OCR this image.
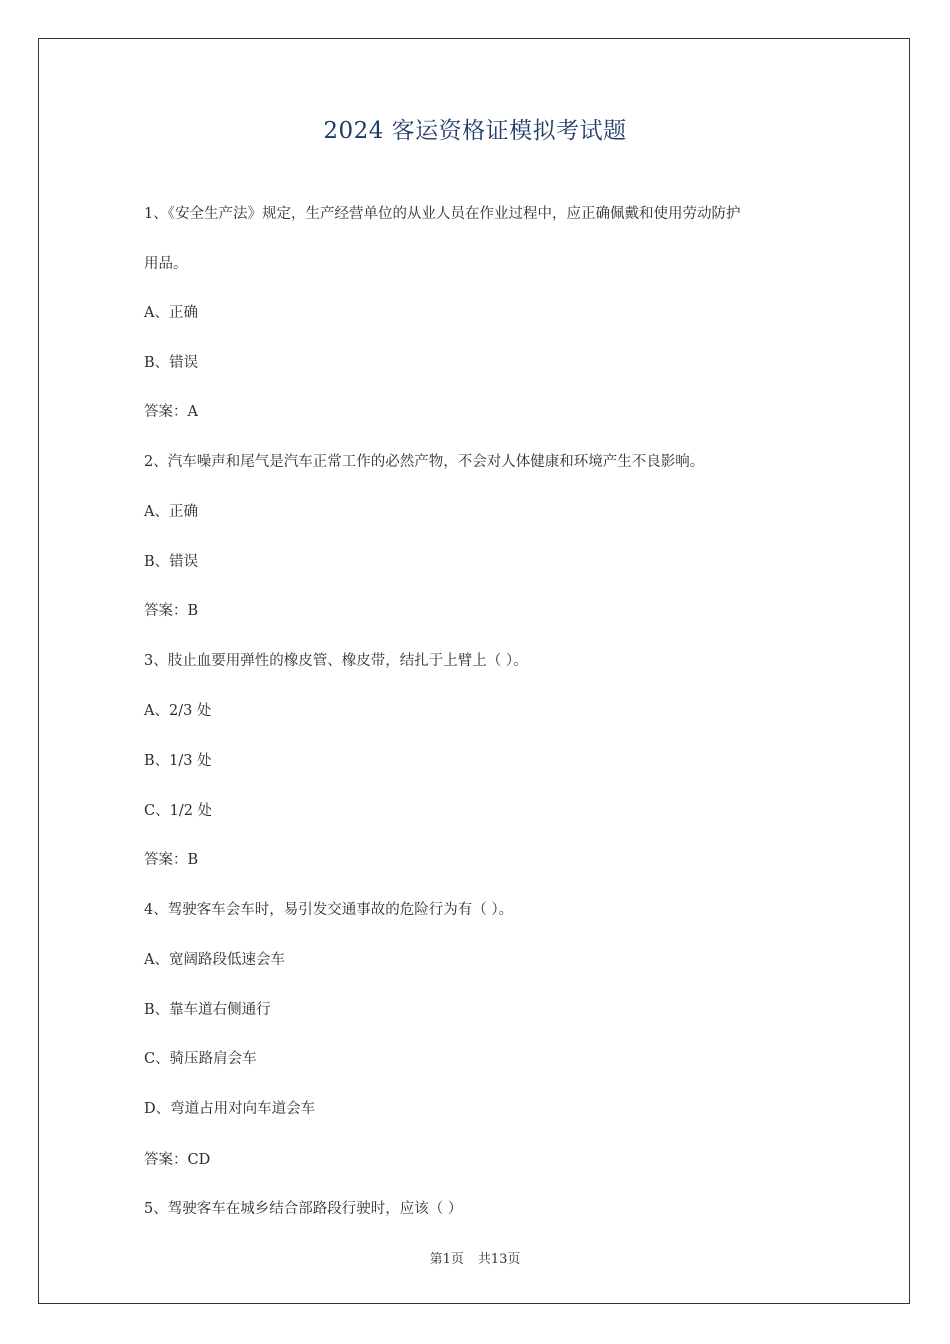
2024 客运资格证模拟考试题
1、《安全生产法》规定，生产经营单位的从业人员在作业过程中，应正确佩戴和使用劳动防护
用品。
A、正确
B、错误
答案：A
2、汽车噪声和尾气是汽车正常工作的必然产物，不会对人体健康和环境产生不良影响。
A、正确
B、错误
答案：B
3、肢止血要用弹性的橡皮管、橡皮带，结扎于上臂上（ ）。
A、2/3 处
B、1/3 处
C、1/2 处
答案：B
4、驾驶客车会车时，易引发交通事故的危险行为有（ ）。
A、宽阔路段低速会车
B、靠车道右侧通行
C、骑压路肩会车
D、弯道占用对向车道会车
答案：CD
5、驾驶客车在城乡结合部路段行驶时，应该（ ）
第1页 共13页
